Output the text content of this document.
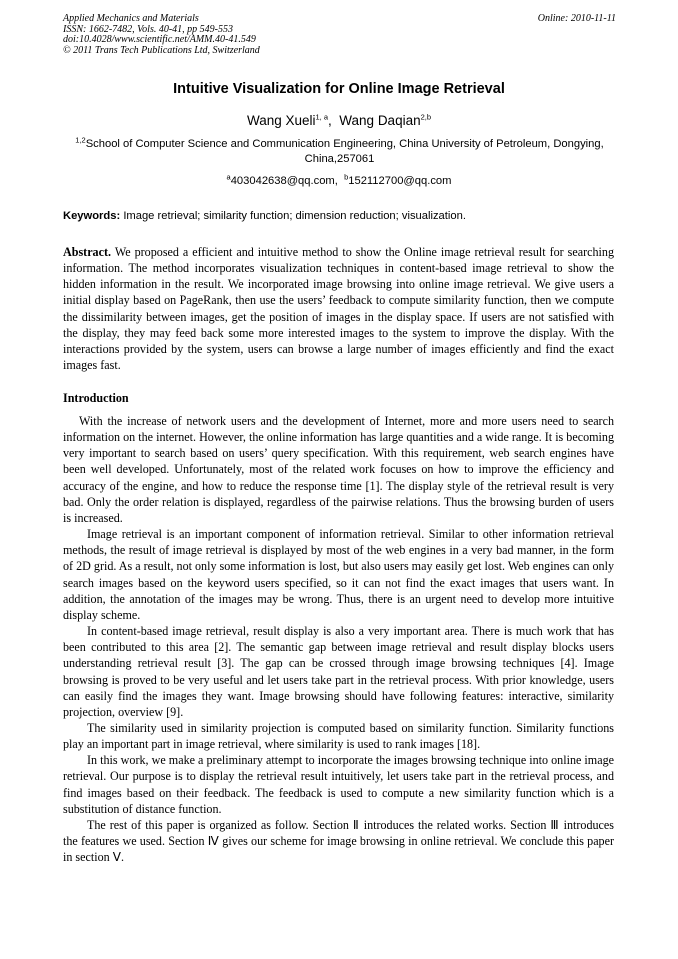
Applied Mechanics and Materials
ISSN: 1662-7482, Vols. 40-41, pp 549-553
doi:10.4028/www.scientific.net/AMM.40-41.549
© 2011 Trans Tech Publications Ltd, Switzerland
Online: 2010-11-11
Intuitive Visualization for Online Image Retrieval
Wang Xueli$^{1, a}$,  Wang Daqian$^{2,b}$
$^{1,2}$School of Computer Science and Communication Engineering, China University of Petroleum, Dongying, China,257061
$^a$403042638@qq.com,  $^b$152112700@qq.com
Keywords: Image retrieval; similarity function; dimension reduction; visualization.
Abstract. We proposed a efficient and intuitive method to show the Online image retrieval result for searching information. The method incorporates visualization techniques in content-based image retrieval to show the hidden information in the result. We incorporated image browsing into online image retrieval. We give users a initial display based on PageRank, then use the users’ feedback to compute similarity function, then we compute the dissimilarity between images, get the position of images in the display space. If users are not satisfied with the display, they may feed back some more interested images to the system to improve the display. With the interactions provided by the system, users can browse a large number of images efficiently and find the exact images fast.
Introduction

With the increase of network users and the development of Internet, more and more users need to search information on the internet. However, the online information has large quantities and a wide range. It is becoming very important to search based on users’ query specification. With this requirement, web search engines have been well developed. Unfortunately, most of the related work focuses on how to improve the efficiency and accuracy of the engine, and how to reduce the response time [1]. The display style of the retrieval result is very bad. Only the order relation is displayed, regardless of the pairwise relations. Thus the browsing burden of users is increased.

Image retrieval is an important component of information retrieval. Similar to other information retrieval methods, the result of image retrieval is displayed by most of the web engines in a very bad manner, in the form of 2D grid. As a result, not only some information is lost, but also users may easily get lost. Web engines can only search images based on the keyword users specified, so it can not find the exact images that users want. In addition, the annotation of the images may be wrong. Thus, there is an urgent need to develop more intuitive display scheme.

In content-based image retrieval, result display is also a very important area. There is much work that has been contributed to this area [2]. The semantic gap between image retrieval and result display blocks users understanding retrieval result [3]. The gap can be crossed through image browsing techniques [4]. Image browsing is proved to be very useful and let users take part in the retrieval process. With prior knowledge, users can easily find the images they want. Image browsing should have following features: interactive, similarity projection, overview [9].

The similarity used in similarity projection is computed based on similarity function. Similarity functions play an important part in image retrieval, where similarity is used to rank images [18].

In this work, we make a preliminary attempt to incorporate the images browsing technique into online image retrieval. Our purpose is to display the retrieval result intuitively, let users take part in the retrieval process, and find images based on their feedback. The feedback is used to compute a new similarity function which is a substitution of distance function.

The rest of this paper is organized as follow. Section Ⅱ introduces the related works. Section Ⅲ introduces the features we used. Section Ⅳ gives our scheme for image browsing in online retrieval. We conclude this paper in section Ⅴ.
